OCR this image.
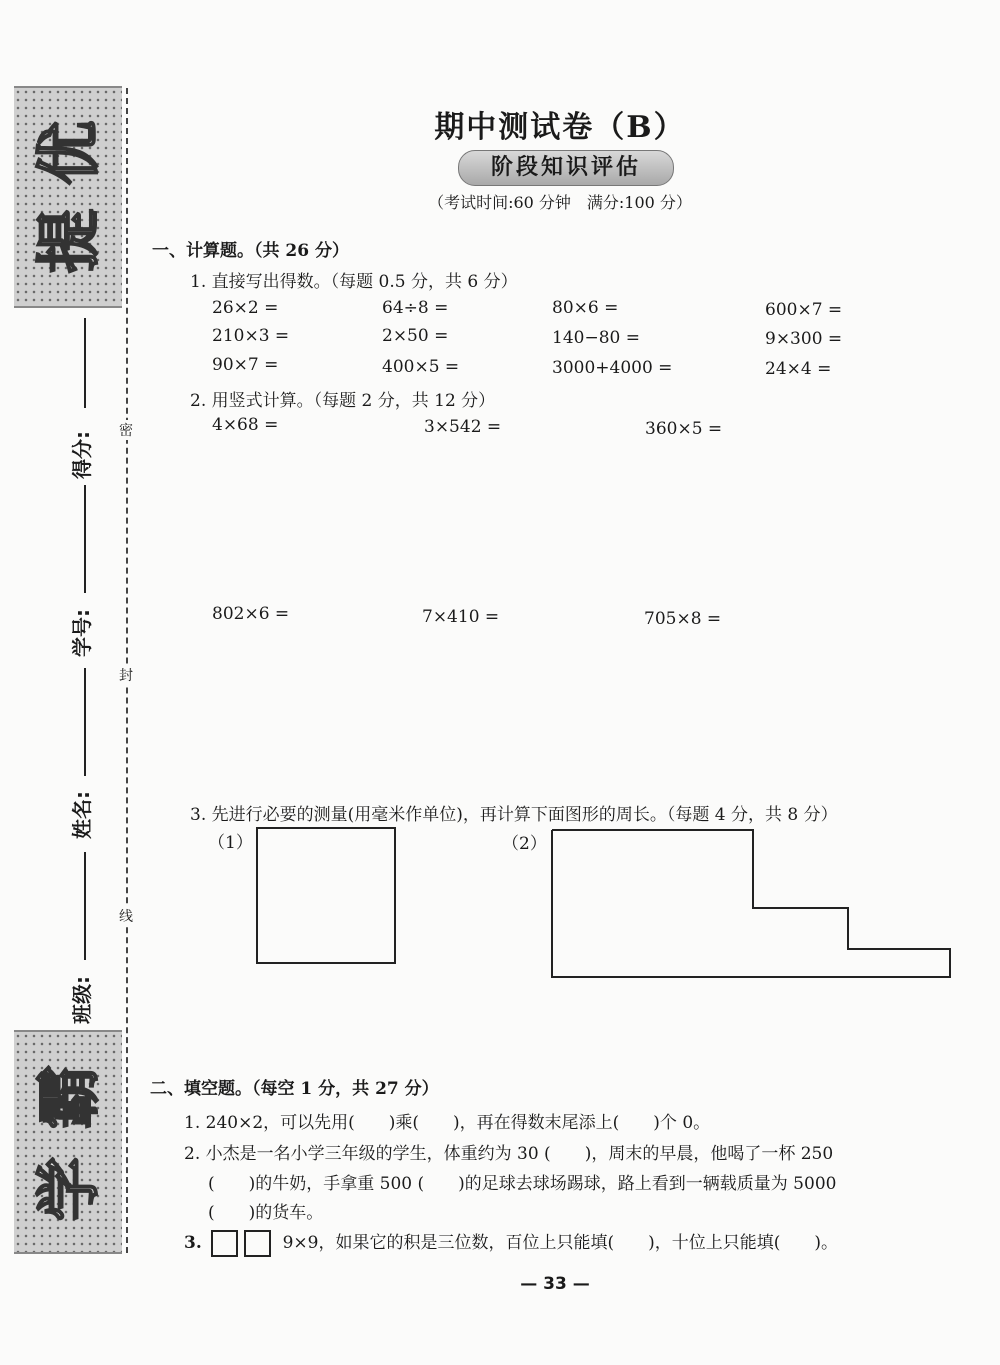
优
提
霸
学
得分:
学号:
姓名:
班级:
密
封
线
期中测试卷（B）
阶段知识评估
（考试时间:60 分钟　满分:100 分）
一、计算题。（共 26 分）
1. 直接写出得数。（每题 0.5 分，共 6 分）
26×2 =	64÷8 =	80×6 =	600×7 =
210×3 =	2×50 =	140−80 =	9×300 =
90×7 =	400×5 =	3000+4000 =	24×4 =
2. 用竖式计算。（每题 2 分，共 12 分）
4×68 =	3×542 =	360×5 =
802×6 =	7×410 =	705×8 =
3. 先进行必要的测量(用毫米作单位)，再计算下面图形的周长。（每题 4 分，共 8 分）
（1）	（2）
二、填空题。（每空 1 分，共 27 分）
1. 240×2，可以先用(　　)乘(　　)，再在得数末尾添上(　　)个 0。
2. 小杰是一名小学三年级的学生，体重约为 30 (　　)，周末的早晨，他喝了一杯 250
(　　)的牛奶，手拿重 500 (　　)的足球去球场踢球，路上看到一辆载质量为 5000
(　　)的货车。
3.	9×9，如果它的积是三位数，百位上只能填(　　)，十位上只能填(　　)。
— 33 —
